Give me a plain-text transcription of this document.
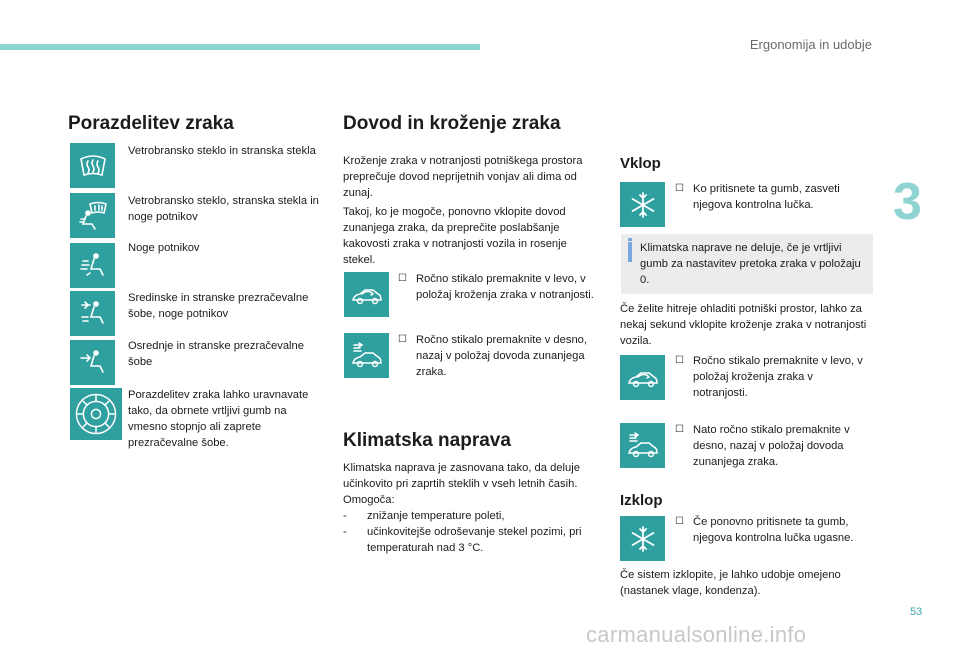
Ergonomija in udobje
3
Porazdelitev zraka
Vetrobransko steklo in stranska stekla
Vetrobransko steklo, stranska stekla in noge potnikov
Noge potnikov
Sredinske in stranske prezračevalne šobe, noge potnikov
Osrednje in stranske prezračevalne šobe
Porazdelitev zraka lahko uravnavate tako, da obrnete vrtljivi gumb na vmesno stopnjo ali zaprete prezračevalne šobe.
Dovod in kroženje zraka
Kroženje zraka v notranjosti potniškega prostora preprečuje dovod neprijetnih vonjav ali dima od zunaj.
Takoj, ko je mogoče, ponovno vklopite dovod zunanjega zraka, da preprečite poslabšanje kakovosti zraka v notranjosti vozila in rosenje stekel.
☐ Ročno stikalo premaknite v levo, v položaj kroženja zraka v notranjosti.
☐ Ročno stikalo premaknite v desno, nazaj v položaj dovoda zunanjega zraka.
Klimatska naprava
Klimatska naprava je zasnovana tako, da deluje učinkovito pri zaprtih steklih v vseh letnih časih.
Omogoča:
-	znižanje temperature poleti,
-	učinkovitejše odroševanje stekel pozimi, pri temperaturah nad 3 °C.
Vklop
☐ Ko pritisnete ta gumb, zasveti njegova kontrolna lučka.
Klimatska naprave ne deluje, če je vrtljivi gumb za nastavitev pretoka zraka v položaju 0.
Če želite hitreje ohladiti potniški prostor, lahko za nekaj sekund vklopite kroženje zraka v notranjosti vozila.
☐ Ročno stikalo premaknite v levo, v položaj kroženja zraka v notranjosti.
☐ Nato ročno stikalo premaknite v desno, nazaj v položaj dovoda zunanjega zraka.
Izklop
☐ Če ponovno pritisnete ta gumb, njegova kontrolna lučka ugasne.
Če sistem izklopite, je lahko udobje omejeno (nastanek vlage, kondenza).
53
carmanualsonline.info
